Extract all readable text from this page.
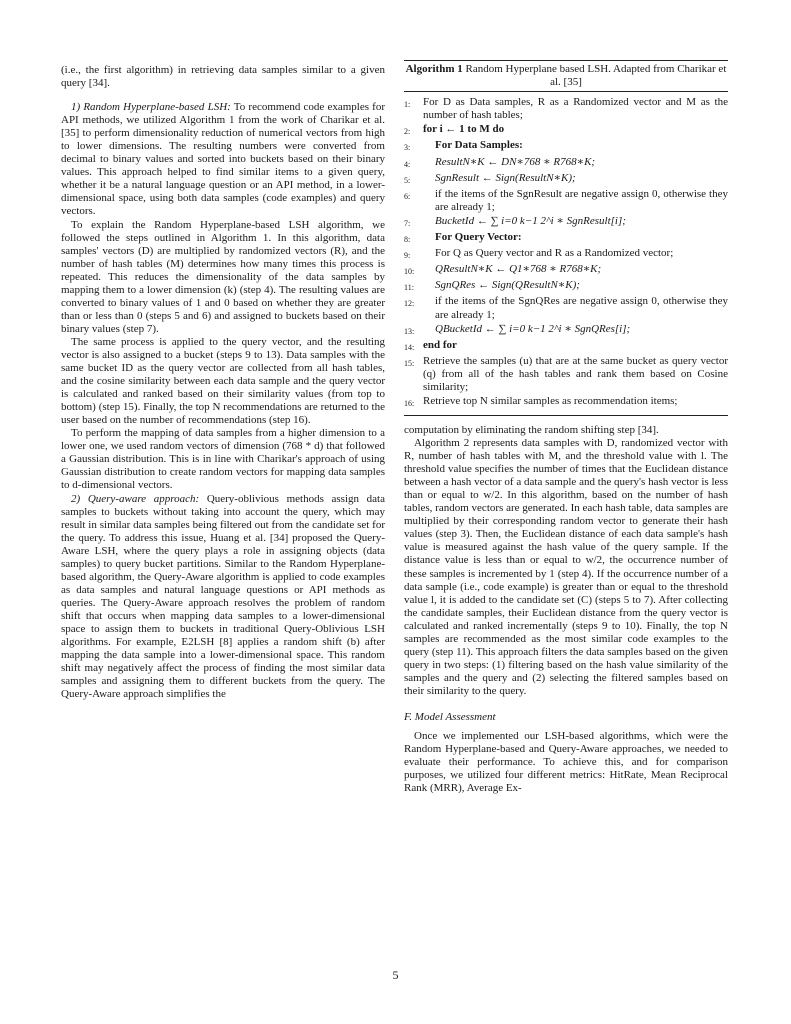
(i.e., the first algorithm) in retrieving data samples similar to a given query [34].

1) Random Hyperplane-based LSH: To recommend code examples for API methods, we utilized Algorithm 1 from the work of Charikar et al. [35] to perform dimensionality reduction of numerical vectors from high to lower dimensions. The resulting numbers were converted from decimal to binary values and sorted into buckets based on their binary values. This approach helped to find similar items to a given query, whether it be a natural language question or an API method, in a lower-dimensional space, using both data samples (code examples) and query vectors.

To explain the Random Hyperplane-based LSH algorithm, we followed the steps outlined in Algorithm 1. In this algorithm, data samples' vectors (D) are multiplied by randomized vectors (R), and the number of hash tables (M) determines how many times this process is repeated. This reduces the dimensionality of the data samples by mapping them to a lower dimension (k) (step 4). The resulting values are converted to binary values of 1 and 0 based on whether they are greater than or less than 0 (steps 5 and 6) and assigned to buckets based on their binary values (step 7).

The same process is applied to the query vector, and the resulting vector is also assigned to a bucket (steps 9 to 13). Data samples with the same bucket ID as the query vector are collected from all hash tables, and the cosine similarity between each data sample and the query vector is calculated and ranked based on their similarity values (from top to bottom) (step 15). Finally, the top N recommendations are returned to the user based on the number of recommendations (step 16).

To perform the mapping of data samples from a higher dimension to a lower one, we used random vectors of dimension (768 * d) that followed a Gaussian distribution. This is in line with Charikar's approach of using Gaussian distribution to create random vectors for mapping data samples to d-dimensional vectors.

2) Query-aware approach: Query-oblivious methods assign data samples to buckets without taking into account the query, which may result in similar data samples being filtered out from the candidate set for the query. To address this issue, Huang et al. [34] proposed the Query-Aware LSH, where the query plays a role in assigning objects (data samples) to query bucket partitions. Similar to the Random Hyperplane-based algorithm, the Query-Aware algorithm is applied to code examples as data samples and natural language questions or API methods as queries. The Query-Aware approach resolves the problem of random shift that occurs when mapping data samples to a lower-dimensional space to assign them to buckets in traditional Query-Oblivious LSH algorithms. For example, E2LSH [8] applies a random shift (b) after mapping the data sample into a lower-dimensional space. This random shift may negatively affect the process of finding the most similar data samples and assigning them to different buckets from the query. The Query-Aware approach simplifies the

Algorithm 1 Random Hyperplane based LSH. Adapted from Charikar et al. [35]
1:	For D as Data samples, R as a Randomized vector and M as the number of hash tables;
2:	for i ← 1 to M do
3:	For Data Samples:
4:	ResultN∗K ← DN∗768 ∗ R768∗K;
5:	SgnResult ← Sign(ResultN∗K);
6:	if the items of the SgnResult are negative assign 0, otherwise they are already 1;
7:	BucketId ← ∑ i=0 k−1 2^i ∗ SgnResult[i];
8:	For Query Vector:
9:	For Q as Query vector and R as a Randomized vector;
10:	QResultN∗K ← Q1∗768 ∗ R768∗K;
11:	SgnQRes ← Sign(QResultN∗K);
12:	if the items of the SgnQRes are negative assign 0, otherwise they are already 1;
13:	QBucketId ← ∑ i=0 k−1 2^i ∗ SgnQRes[i];
14: end for
15: Retrieve the samples (u) that are at the same bucket as query vector (q) from all of the hash tables and rank them based on Cosine similarity;
16: Retrieve top N similar samples as recommendation items;

computation by eliminating the random shifting step [34].

Algorithm 2 represents data samples with D, randomized vector with R, number of hash tables with M, and the threshold value with l. The threshold value specifies the number of times that the Euclidean distance between a hash vector of a data sample and the query's hash vector is less than or equal to w/2. In this algorithm, based on the number of hash tables, random vectors are generated. In each hash table, data samples are multiplied by their corresponding random vector to generate their hash values (step 3). Then, the Euclidean distance of each data sample's hash value is measured against the hash value of the query sample. If the distance value is less than or equal to w/2, the occurrence number of these samples is incremented by 1 (step 4). If the occurrence number of a data sample (i.e., code example) is greater than or equal to the threshold value l, it is added to the candidate set (C) (steps 5 to 7). After collecting the candidate samples, their Euclidean distance from the query vector is calculated and ranked incrementally (steps 9 to 10). Finally, the top N samples are recommended as the most similar code examples to the query (step 11). This approach filters the data samples based on the given query in two steps: (1) filtering based on the hash value similarity of the samples and the query and (2) selecting the filtered samples based on their similarity to the query.

F. Model Assessment

Once we implemented our LSH-based algorithms, which were the Random Hyperplane-based and Query-Aware approaches, we needed to evaluate their performance. To achieve this, and for comparison purposes, we utilized four different metrics: HitRate, Mean Reciprocal Rank (MRR), Average Ex-

5
